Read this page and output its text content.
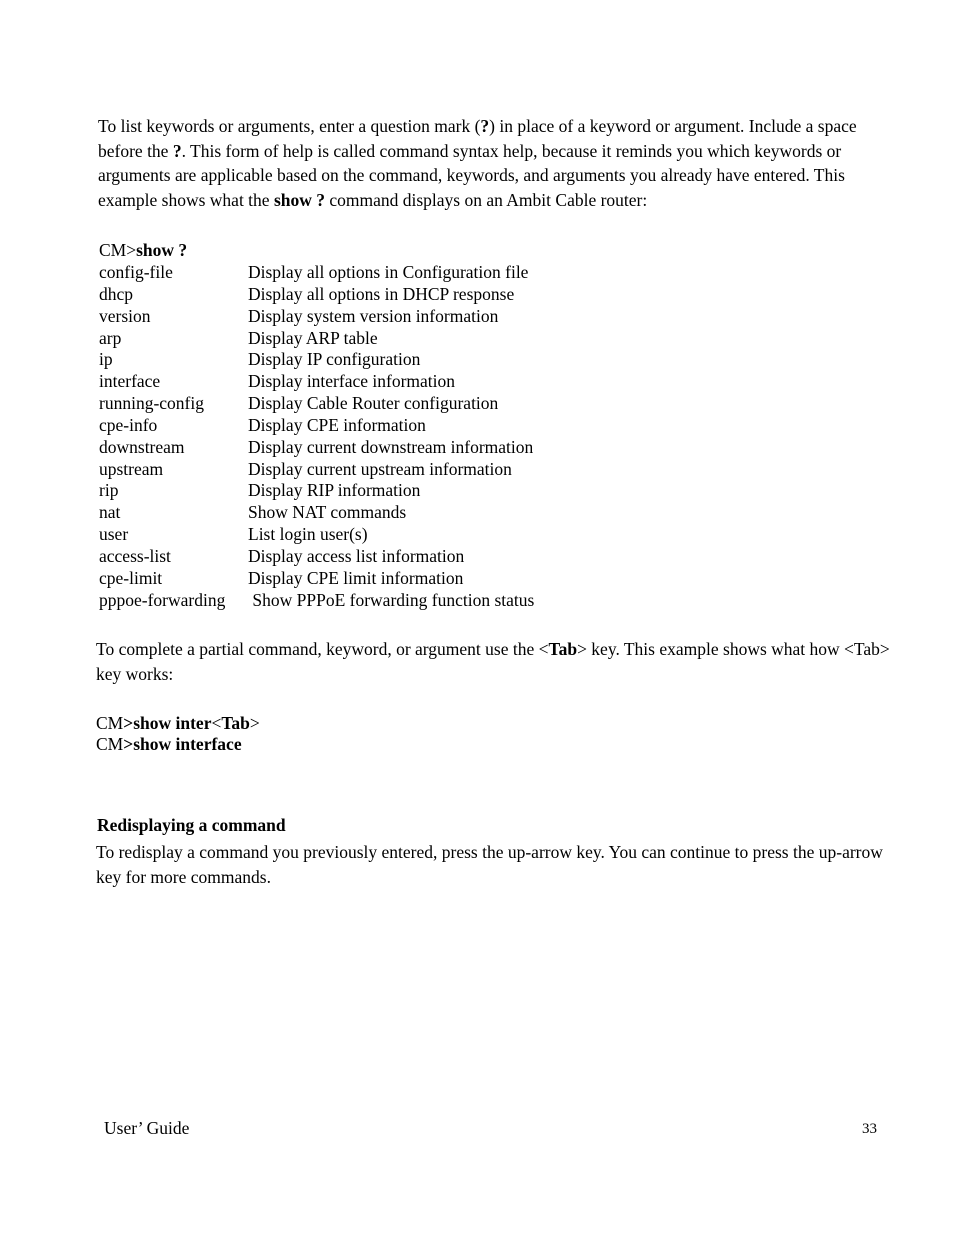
To list keywords or arguments, enter a question mark (?) in place of a keyword or argument. Include a space before the ?. This form of help is called command syntax help, because it reminds you which keywords or arguments are applicable based on the command, keywords, and arguments you already have entered. This example shows what the show ? command displays on an Ambit Cable router:

CM>show ?
config-file	Display all options in Configuration file
dhcp	Display all options in DHCP response
version	Display system version information
arp	Display ARP table
ip	Display IP configuration
interface	Display interface information
running-config	Display Cable Router configuration
cpe-info	Display CPE information
downstream	Display current downstream information
upstream	Display current upstream information
rip	Display RIP information
nat	Show NAT commands
user	List login user(s)
access-list	Display access list information
cpe-limit	Display CPE limit information
pppoe-forwarding	Show PPPoE forwarding function status

To complete a partial command, keyword, or argument use the <Tab> key. This example shows what how <Tab> key works:

CM>show inter<Tab>
CM>show interface
Redisplaying a command

To redisplay a command you previously entered, press the up-arrow key. You can continue to press the up-arrow key for more commands.

User’ Guide	33
